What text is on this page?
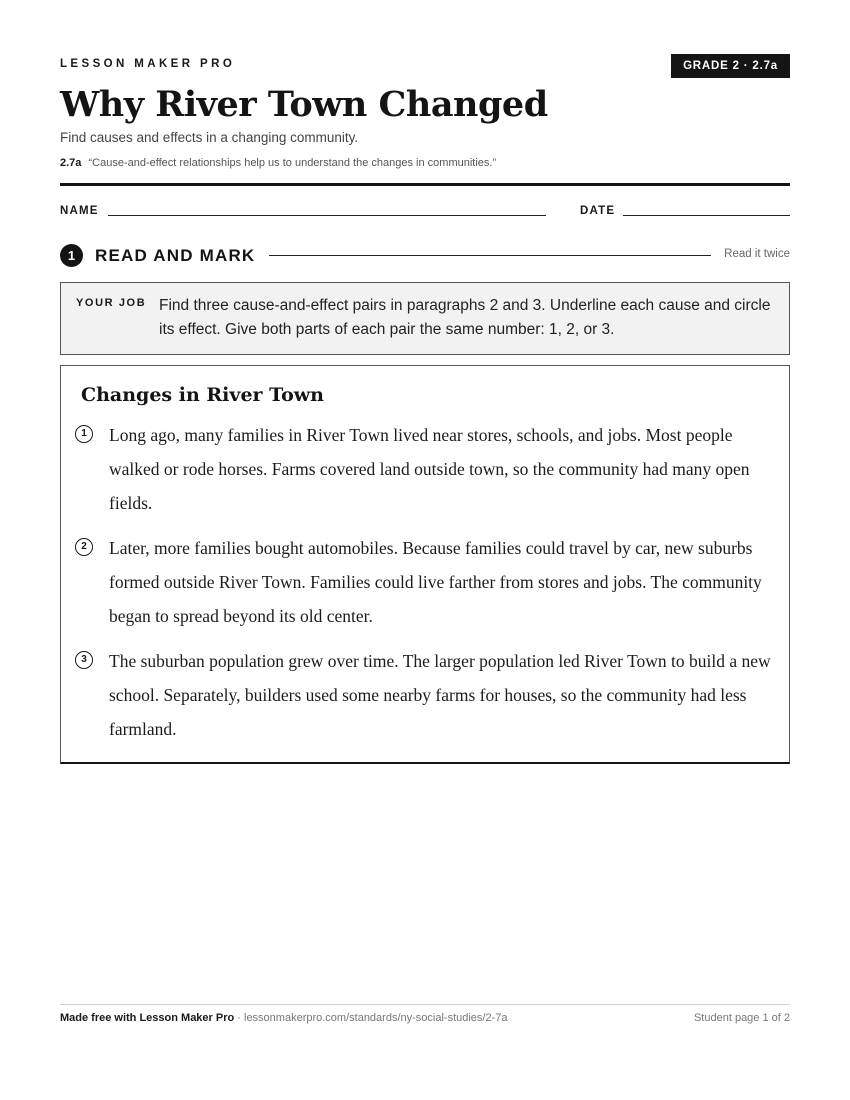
LESSON MAKER PRO	GRADE 2 · 2.7a
Why River Town Changed
Find causes and effects in a changing community.
2.7a “Cause-and-effect relationships help us to understand the changes in communities.”
NAME	DATE
1	READ AND MARK	Read it twice
YOUR JOB Find three cause-and-effect pairs in paragraphs 2 and 3. Underline each cause and circle its effect. Give both parts of each pair the same number: 1, 2, or 3.
Changes in River Town
1	Long ago, many families in River Town lived near stores, schools, and jobs. Most people walked or rode horses. Farms covered land outside town, so the community had many open fields.

2	Later, more families bought automobiles. Because families could travel by car, new suburbs formed outside River Town. Families could live farther from stores and jobs. The community began to spread beyond its old center.

3	The suburban population grew over time. The larger population led River Town to build a new school. Separately, builders used some nearby farms for houses, so the community had less farmland.

Made free with Lesson Maker Pro · lessonmakerpro.com/standards/ny-social-studies/2-7a	Student page 1 of 2
